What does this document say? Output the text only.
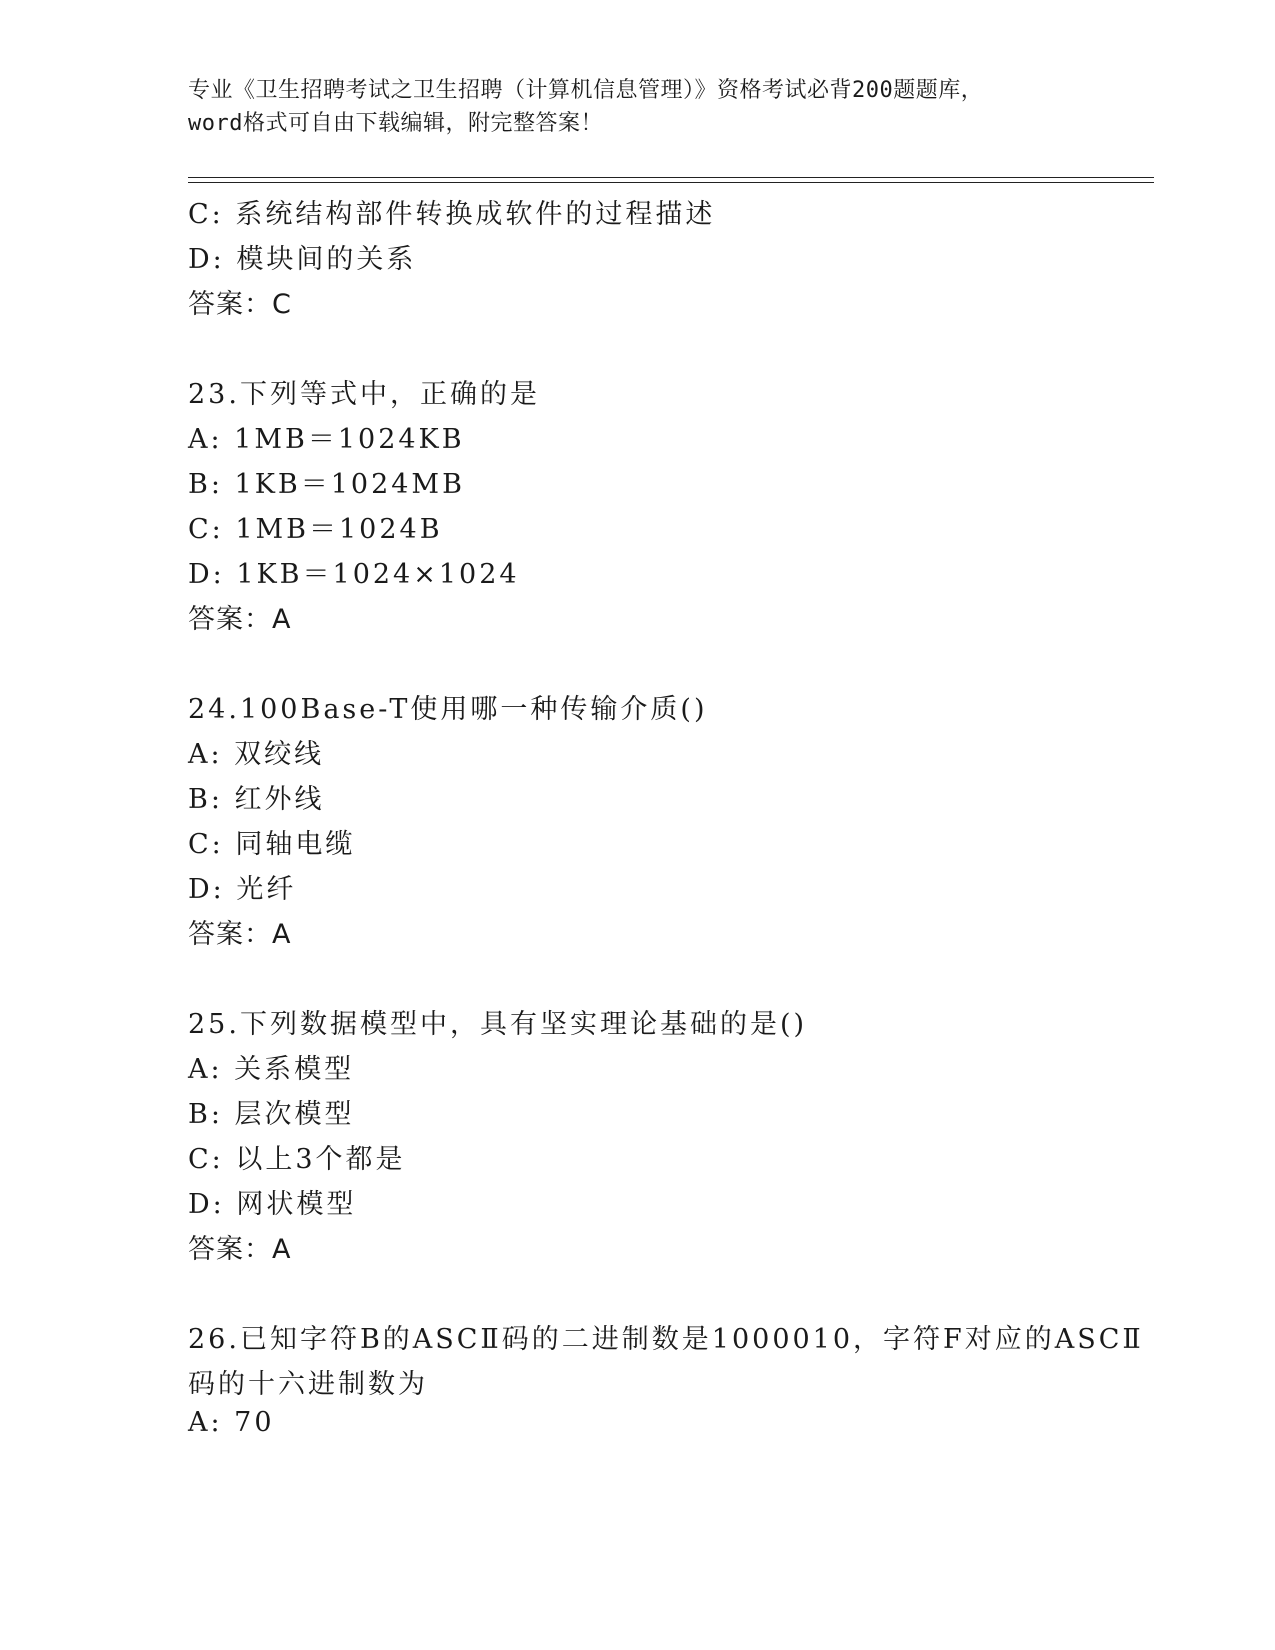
专业《卫生招聘考试之卫生招聘（计算机信息管理）》资格考试必背200题题库，
word格式可自由下载编辑，附完整答案！
C: 系统结构部件转换成软件的过程描述
D: 模块间的关系
答案：C
23.下列等式中，正确的是
A: 1MB＝1024KB
B: 1KB＝1024MB
C: 1MB＝1024B
D: 1KB＝1024×1024
答案：A
24.100Base-T使用哪一种传输介质()
A: 双绞线
B: 红外线
C: 同轴电缆
D: 光纤
答案：A
25.下列数据模型中，具有坚实理论基础的是()
A: 关系模型
B: 层次模型
C: 以上3个都是
D: 网状模型
答案：A
26.已知字符B的ASCⅡ码的二进制数是1000010，字符F对应的ASCⅡ
码的十六进制数为
A: 70
